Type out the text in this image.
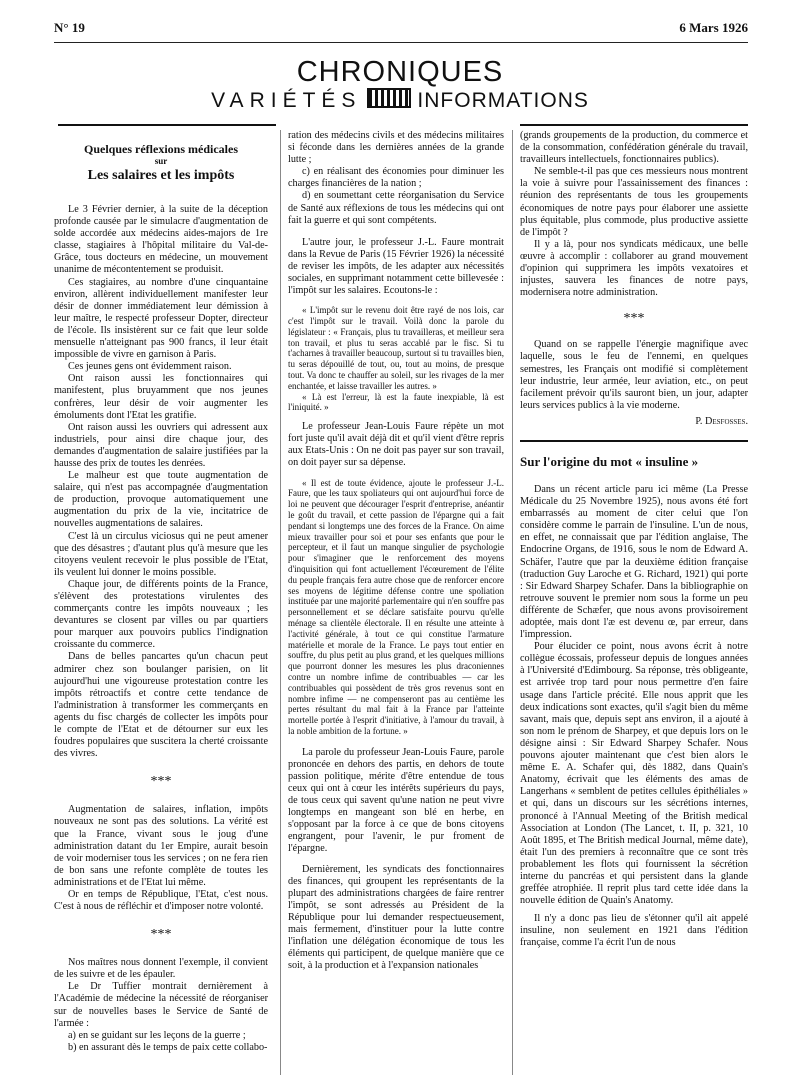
N° 19	6 Mars 1926
CHRONIQUES
VARIÉTÉS	INFORMATIONS
Quelques réflexions médicales
sur
Les salaires et les impôts

Le 3 Février dernier, à la suite de la déception profonde causée par le simulacre d'augmentation de solde accordée aux médecins aides-majors de 1re classe, stagiaires à l'hôpital militaire du Val-de-Grâce, tous docteurs en médecine, un mouvement unanime de mécontentement se produisit.

Ces stagiaires, au nombre d'une cinquantaine environ, allèrent individuellement manifester leur désir de donner immédiatement leur démission à leur maître, le respecté professeur Dopter, directeur de l'école. Ils insistèrent sur ce fait que leur solde mensuelle n'atteignant pas 900 francs, il leur était impossible de vivre en garnison à Paris.

Ces jeunes gens ont évidemment raison.

Ont raison aussi les fonctionnaires qui manifestent, plus bruyamment que nos jeunes confrères, leur désir de voir augmenter les émoluments dont l'Etat les gratifie.

Ont raison aussi les ouvriers qui adressent aux industriels, pour ainsi dire chaque jour, des demandes d'augmentation de salaire justifiées par la hausse des prix de toutes les denrées.

Le malheur est que toute augmentation de salaire, qui n'est pas accompagnée d'augmentation de production, provoque automatiquement une augmentation du prix de la vie, incitatrice de nouvelles augmentations de salaires.

C'est là un circulus viciosus qui ne peut amener que des désastres ; d'autant plus qu'à mesure que les citoyens veulent recevoir le plus possible de l'Etat, ils veulent lui donner le moins possible.

Chaque jour, de différents points de la France, s'élèvent des protestations virulentes des commerçants contre les impôts nouveaux ; les devantures se closent par villes ou par quartiers pour marquer aux pouvoirs publics l'indignation croissante du commerce.

Dans de belles pancartes qu'un chacun peut admirer chez son boulanger parisien, on lit aujourd'hui une vigoureuse protestation contre les impôts rétroactifs et contre cette tendance de l'administration à transformer les commerçants en agents du fisc chargés de collecter les impôts pour le compte de l'Etat et de détourner sur eux les foudres populaires que suscitera la cherté croissante des vivres.

***

Augmentation de salaires, inflation, impôts nouveaux ne sont pas des solutions. La vérité est que la France, vivant sous le joug d'une administration datant du 1er Empire, aurait besoin de voir moderniser tous les services ; on ne fera rien de bon sans une refonte complète de toutes les administrations et de l'Etat lui même.

Or en temps de République, l'Etat, c'est nous. C'est à nous de réfléchir et d'imposer notre volonté.

***

Nos maîtres nous donnent l'exemple, il convient de les suivre et de les épauler.

Le Dr Tuffier montrait dernièrement à l'Académie de médecine la nécessité de réorganiser sur de nouvelles bases le Service de Santé de l'armée :

a) en se guidant sur les leçons de la guerre ;

b) en assurant dès le temps de paix cette collabo-

ration des médecins civils et des médecins militaires si féconde dans les dernières années de la grande lutte ;

c) en réalisant des économies pour diminuer les charges financières de la nation ;

d) en soumettant cette réorganisation du Service de Santé aux réflexions de tous les médecins qui ont fait la guerre et qui sont compétents.

L'autre jour, le professeur J.-L. Faure montrait dans la Revue de Paris (15 Février 1926) la nécessité de reviser les impôts, de les adapter aux nécessités sociales, en supprimant notamment cette billevesée : l'impôt sur les salaires. Ecoutons-le :

« L'impôt sur le revenu doit être rayé de nos lois, car c'est l'impôt sur le travail. Voilà donc la parole du législateur : « Français, plus tu travailleras, et meilleur sera ton travail, et plus tu seras accablé par le fisc. Si tu t'acharnes à travailler beaucoup, surtout si tu travailles bien, tu seras dépouillé de tout, ou, tout au moins, de presque tout. Va donc te chauffer au soleil, sur les rivages de la mer enchantée, et laisse travailler les autres. »

« Là est l'erreur, là est la faute inexpiable, là est l'iniquité. »

Le professeur Jean-Louis Faure répète un mot fort juste qu'il avait déjà dit et qu'il vient d'être repris aux Etats-Unis : On ne doit pas payer sur son travail, on doit payer sur sa dépense.

« Il est de toute évidence, ajoute le professeur J.-L. Faure, que les taux spoliateurs qui ont aujourd'hui force de loi ne peuvent que décourager l'esprit d'entreprise, anéantir le goût du travail, et cette passion de l'épargne qui a fait pendant si longtemps une des forces de la France. On aime mieux travailler pour soi et pour ses enfants que pour le percepteur, et il faut un manque singulier de psychologie pour s'imaginer que le renforcement des moyens d'inquisition qui font actuellement l'écœurement de l'élite du peuple français fera autre chose que de renforcer encore ses moyens de légitime défense contre une spoliation instituée par une majorité parlementaire qui n'en souffre pas personnellement et se déclare satisfaite pourvu qu'elle ménage sa clientèle électorale. Il en résulte une atteinte à l'activité générale, à tout ce qui constitue l'armature matérielle et morale de la France. Le pays tout entier en souffre, du plus petit au plus grand, et les quelques millions que pourront donner les mesures les plus draconiennes contre un nombre infime de contribuables — car les contribuables qui possèdent de très gros revenus sont en nombre infime — ne compenseront pas au centième les pertes résultant du mal fait à la France par l'atteinte mortelle portée à l'esprit d'initiative, à l'amour du travail, à la noble ambition de la fortune. »

La parole du professeur Jean-Louis Faure, parole prononcée en dehors des partis, en dehors de toute passion politique, mérite d'être entendue de tous ceux qui ont à cœur les intérêts supérieurs du pays, de tous ceux qui savent qu'une nation ne peut vivre longtemps en mangeant son blé en herbe, en s'opposant par la force à ce que de bons citoyens engrangent, pour l'avenir, le pur froment de l'épargne.

Dernièrement, les syndicats des fonctionnaires des finances, qui groupent les représentants de la plupart des administrations chargées de faire rentrer l'impôt, se sont adressés au Président de la République pour lui demander respectueusement, mais fermement, d'instituer pour la lutte contre l'inflation une délégation économique de tous les éléments qui participent, de quelque manière que ce soit, à la production et à l'expansion nationales

(grands groupements de la production, du commerce et de la consommation, confédération générale du travail, travailleurs intellectuels, fonctionnaires publics).

Ne semble-t-il pas que ces messieurs nous montrent la voie à suivre pour l'assainissement des finances : réunion des représentants de tous les groupements économiques de notre pays pour élaborer une assiette plus équitable, plus commode, plus productive assiette de l'impôt ?

Il y a là, pour nos syndicats médicaux, une belle œuvre à accomplir : collaborer au grand mouvement d'opinion qui supprimera les impôts vexatoires et injustes, sauvera les finances de notre pays, modernisera notre administration.

***

Quand on se rappelle l'énergie magnifique avec laquelle, sous le feu de l'ennemi, en quelques semestres, les Français ont modifié si complètement leur industrie, leur armée, leur aviation, etc., on peut facilement prévoir qu'ils sauront bien, un jour, adapter leurs services publics à la vie moderne.

P. Desfosses.
Sur l'origine du mot « insuline »

Dans un récent article paru ici même (La Presse Médicale du 25 Novembre 1925), nous avons été fort embarrassés au moment de citer celui que l'on considère comme le parrain de l'insuline. L'un de nous, en effet, ne connaissait que par l'édition anglaise, The Endocrine Organs, de 1916, sous le nom de Edward A. Schäfer, l'autre que par la deuxième édition française (traduction Guy Laroche et G. Richard, 1921) qui porte : Sir Edward Sharpey Schafer. Dans la bibliographie on retrouve souvent le premier nom sous la forme un peu différente de Schæfer, que nous avons provisoirement adoptée, mais dont l'æ est devenu œ, par erreur, dans l'impression.

Pour élucider ce point, nous avons écrit à notre collègue écossais, professeur depuis de longues années à l'Université d'Edimbourg. Sa réponse, très obligeante, est arrivée trop tard pour nous permettre d'en faire usage dans l'article précité. Elle nous apprit que les deux indications sont exactes, qu'il s'agit bien du même savant, mais que, depuis sept ans environ, il a ajouté à son nom le prénom de Sharpey, et que depuis lors on le désigne ainsi : Sir Edward Sharpey Schafer. Nous pouvons ajouter maintenant que c'est bien alors le même E. A. Schafer qui, dès 1882, dans Quain's Anatomy, écrivait que les éléments des amas de Langerhans « semblent de petites cellules épithéliales » et qui, dans un discours sur les sécrétions internes, prononcé à l'Annual Meeting of the British medical Association at London (The Lancet, t. II, p. 321, 10 Août 1895, et The British medical Journal, même date), était l'un des premiers à reconnaître que ce sont très probablement les flots qui fournissent la sécrétion interne du pancréas et qui persistent dans la glande greffée atrophiée. Il reprit plus tard cette idée dans la nouvelle édition de Quain's Anatomy.

Il n'y a donc pas lieu de s'étonner qu'il ait appelé insuline, non seulement en 1921 dans l'édition française, comme l'a écrit l'un de nous
